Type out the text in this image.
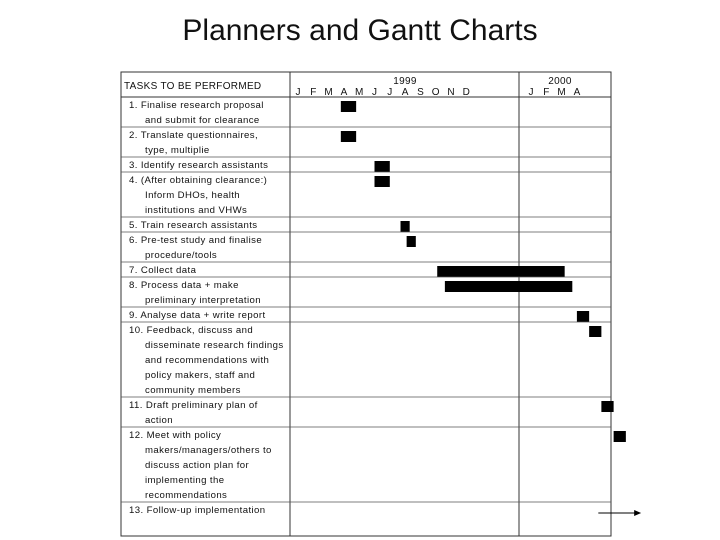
Planners and Gantt Charts
TASKS TO BE PERFORMED	1999
J F M A M J J A S O N D
2000
J F M A
1. Finalise research proposal
and submit for clearance
2. Translate questionnaires,
type, multiplie
3. Identify research assistants
4. (After obtaining clearance:)
Inform DHOs, health
institutions and VHWs
5. Train research assistants
6. Pre-test study and finalise
procedure/tools
7. Collect data
8. Process data + make
preliminary interpretation
9. Analyse data + write report
10. Feedback, discuss and
disseminate research findings
and recommendations with
policy makers, staff and
community members
11. Draft preliminary plan of
action
12. Meet with policy
makers/managers/others to
discuss action plan for
implementing the
recommendations
13. Follow-up implementation
